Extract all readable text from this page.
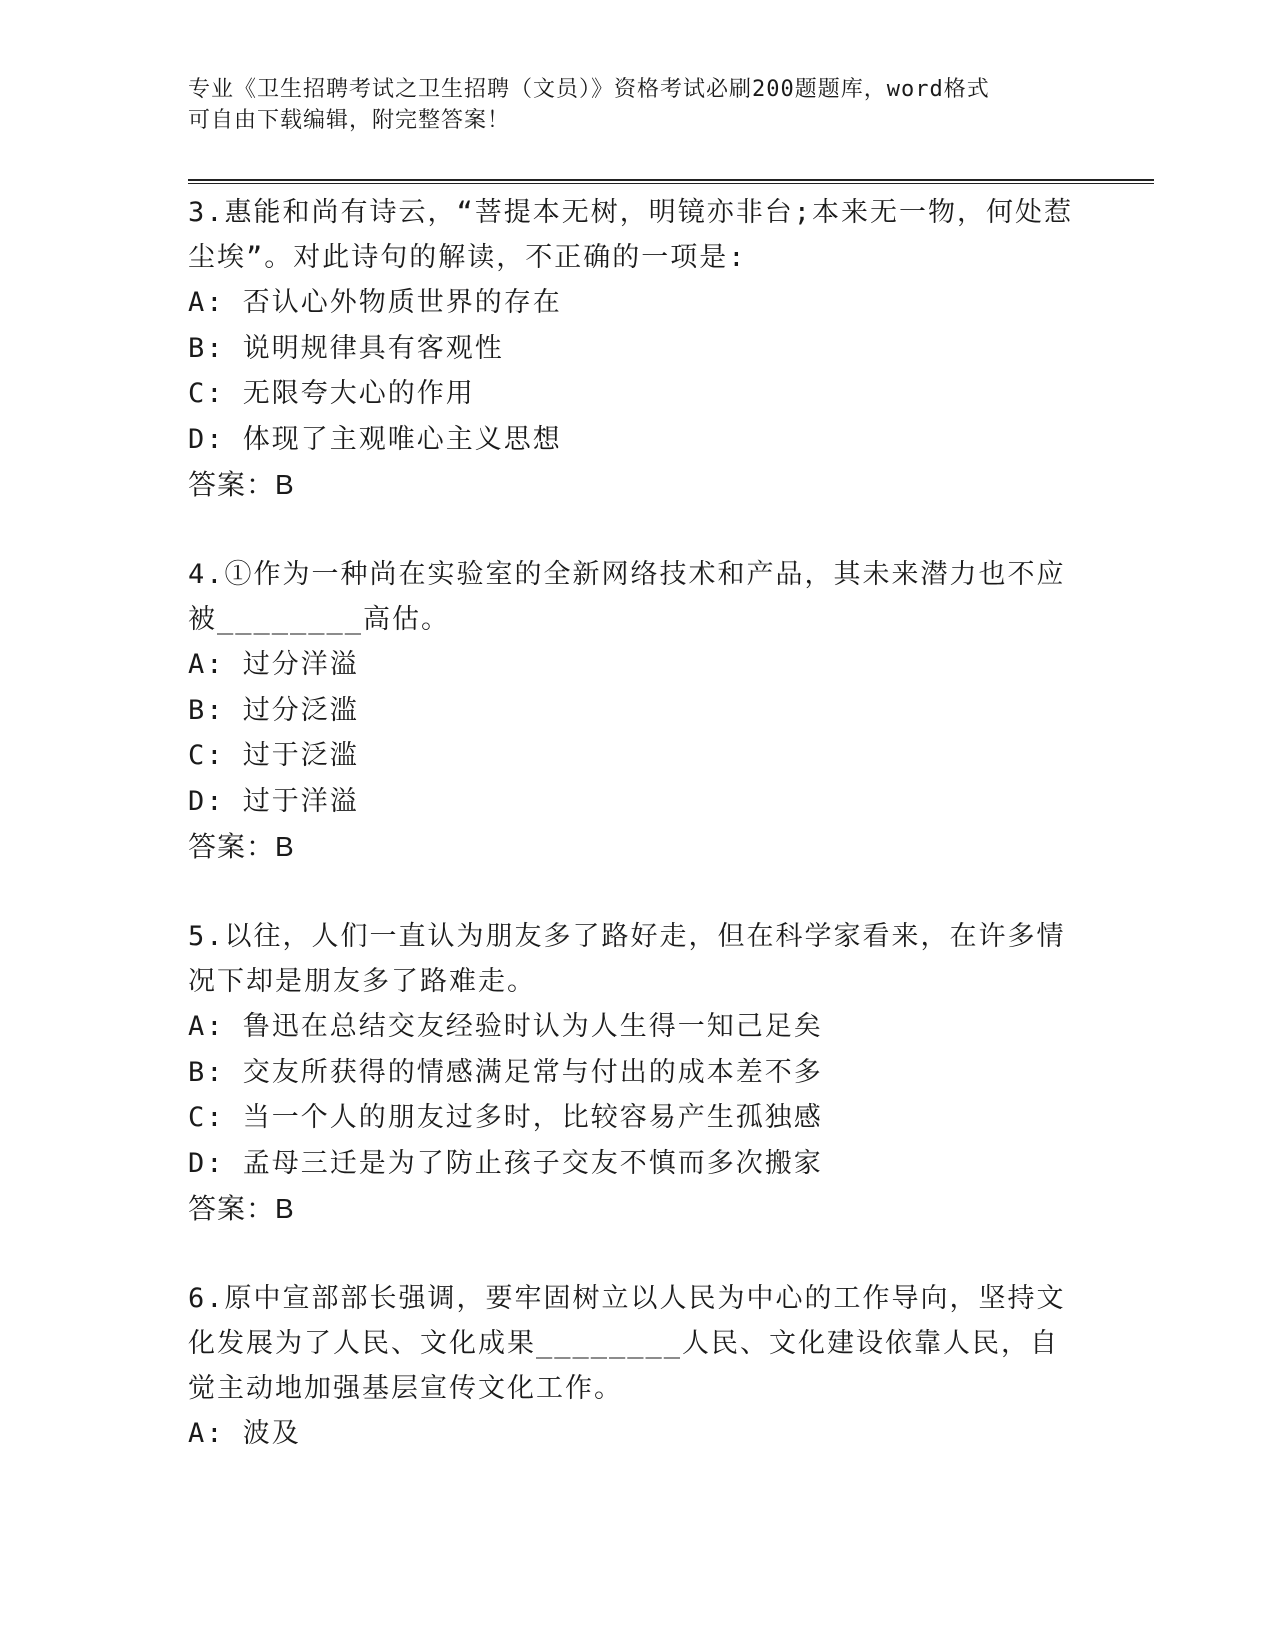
专业《卫生招聘考试之卫生招聘（文员）》资格考试必刷200题题库，word格式
可自由下载编辑，附完整答案！

3.惠能和尚有诗云，“菩提本无树，明镜亦非台;本来无一物，何处惹尘埃”。对此诗句的解读，不正确的一项是:

A: 否认心外物质世界的存在

B: 说明规律具有客观性

C: 无限夸大心的作用

D: 体现了主观唯心主义思想

答案：B

4.①作为一种尚在实验室的全新网络技术和产品，其未来潜力也不应被________高估。

A: 过分洋溢

B: 过分泛滥

C: 过于泛滥

D: 过于洋溢

答案：B

5.以往，人们一直认为朋友多了路好走，但在科学家看来，在许多情况下却是朋友多了路难走。

A: 鲁迅在总结交友经验时认为人生得一知己足矣

B: 交友所获得的情感满足常与付出的成本差不多

C: 当一个人的朋友过多时，比较容易产生孤独感

D: 孟母三迁是为了防止孩子交友不慎而多次搬家

答案：B

6.原中宣部部长强调，要牢固树立以人民为中心的工作导向，坚持文化发展为了人民、文化成果________人民、文化建设依靠人民，自觉主动地加强基层宣传文化工作。

A: 波及
